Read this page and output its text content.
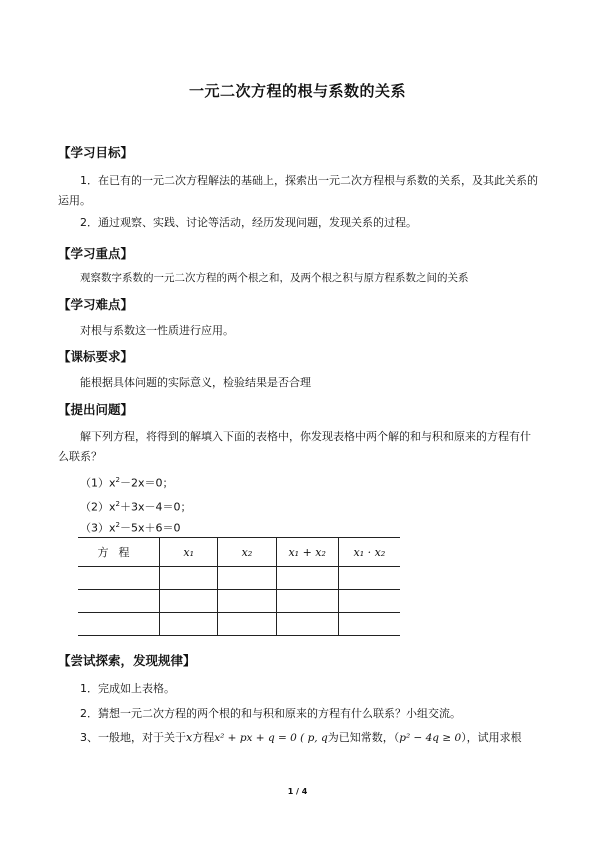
一元二次方程的根与系数的关系
【学习目标】
1．在已有的一元二次方程解法的基础上，探索出一元二次方程根与系数的关系，及其此关系的运用。
2．通过观察、实践、讨论等活动，经历发现问题，发现关系的过程。
【学习重点】
观察数字系数的一元二次方程的两个根之和，及两个根之积与原方程系数之间的关系
【学习难点】
对根与系数这一性质进行应用。
【课标要求】
能根据具体问题的实际意义，检验结果是否合理
【提出问题】
解下列方程，将得到的解填入下面的表格中，你发现表格中两个解的和与积和原来的方程有什么联系？
$(1)x^2-2x=0$；
$(2)x^2+3x-4=0$；
$(3)x^2-5x+6=0$
方程	x₁	x₂	x₁ + x₂	x₁ · x₂

【尝试探索，发现规律】
1．完成如上表格。
2．猜想一元二次方程的两个根的和与积和原来的方程有什么联系？小组交流。
3、一般地，对于关于x方程x² + px + q = 0 ( p, q为已知常数，（p² − 4q ≥ 0），试用求根
1 / 4
